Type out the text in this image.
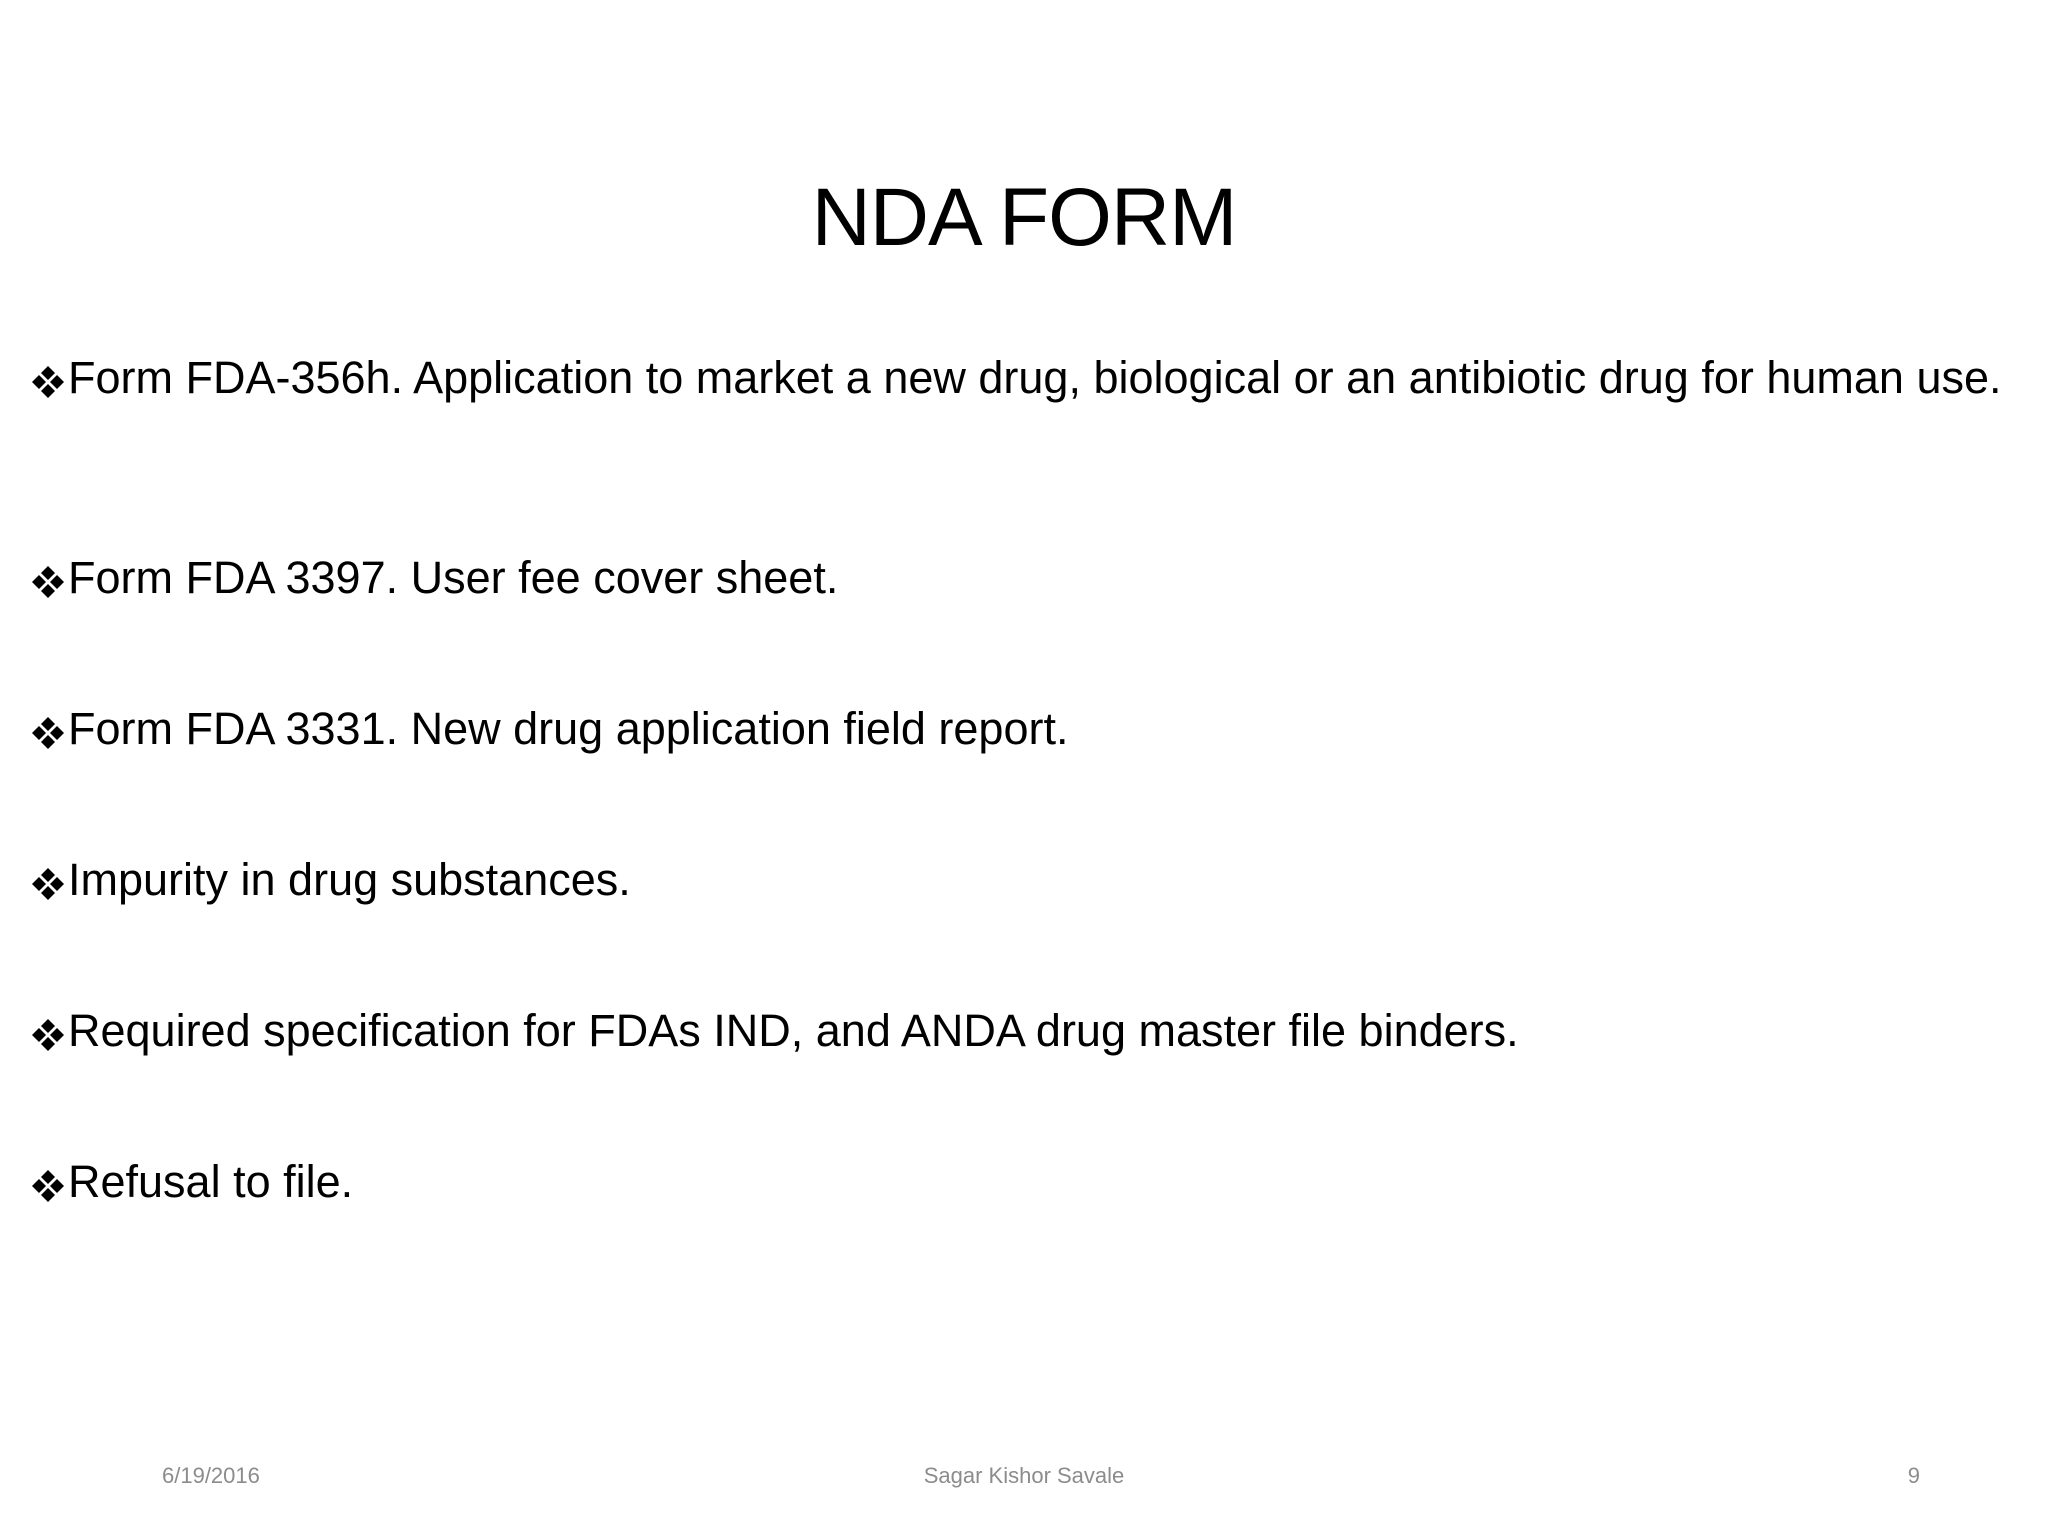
NDA FORM
Form FDA-356h. Application to market a new drug, biological or an antibiotic drug for human use.
Form FDA 3397. User fee cover sheet.
Form FDA 3331. New drug application field report.
Impurity in drug substances.
Required specification for FDAs IND, and ANDA drug master file binders.
Refusal to file.
6/19/2016	Sagar Kishor Savale	9
